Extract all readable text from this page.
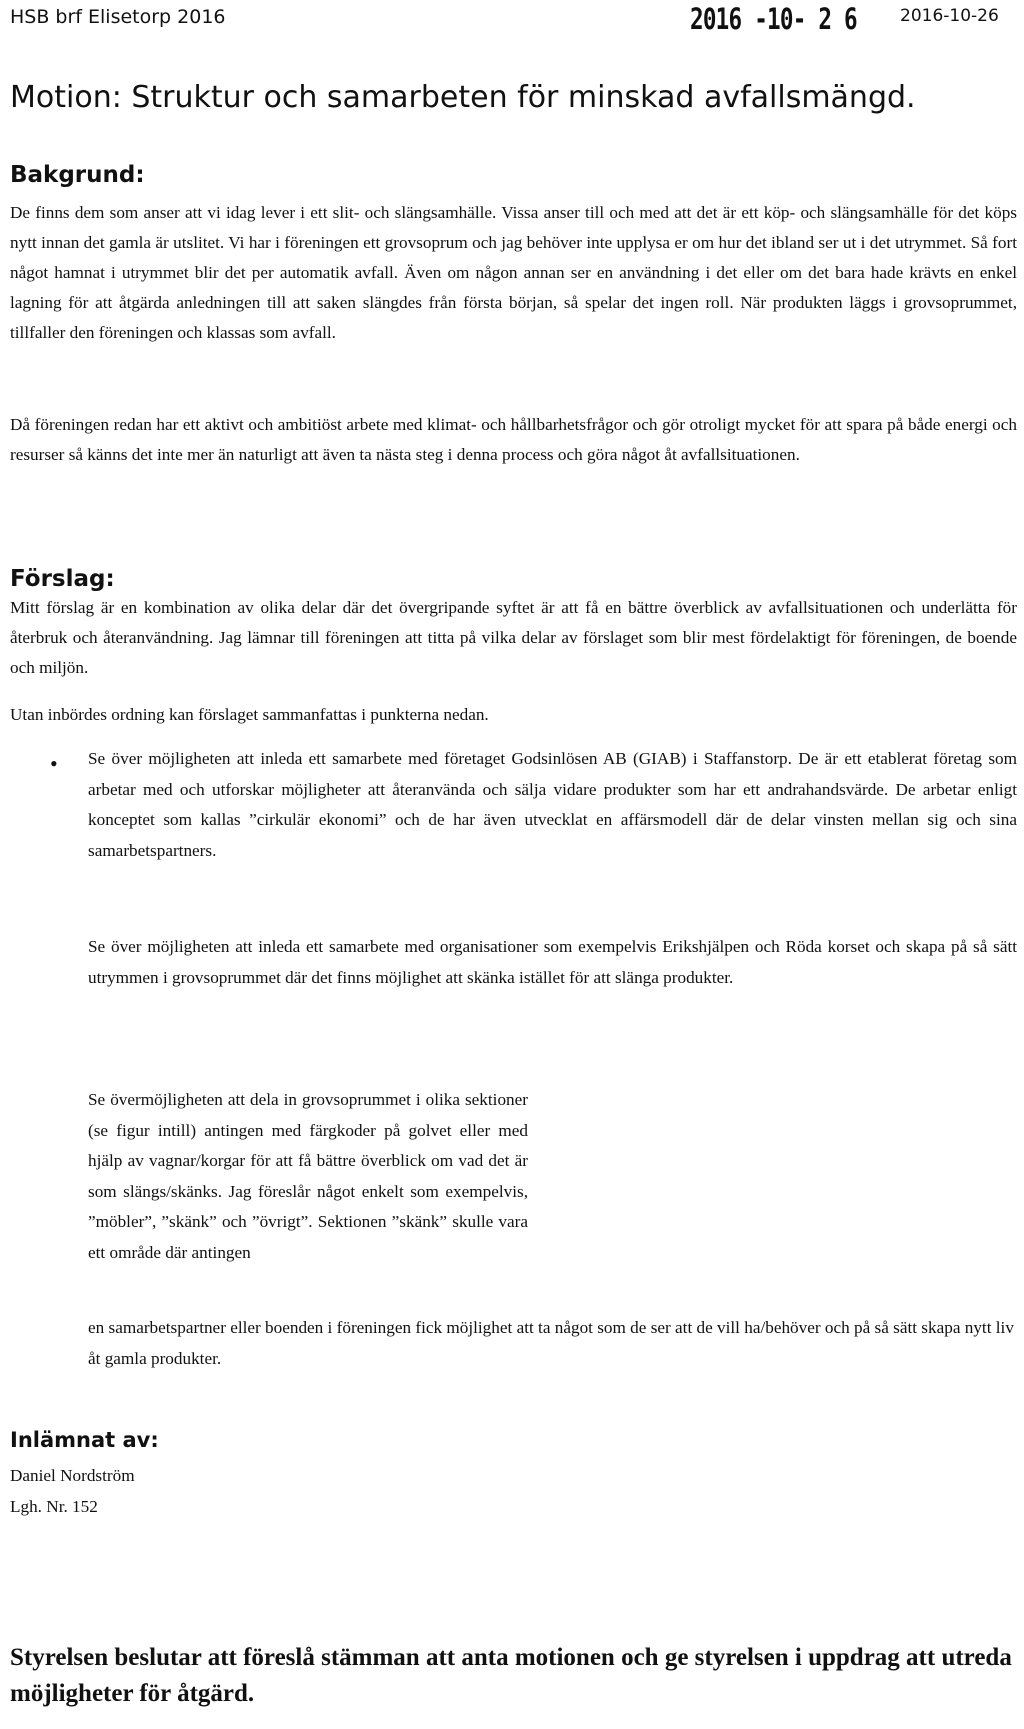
HSB brf Elisetorp 2016	2016 -10- 2 6	2016-10-26
Motion: Struktur och samarbeten för minskad avfallsmängd.
Bakgrund:
De finns dem som anser att vi idag lever i ett slit- och slängsamhälle. Vissa anser till och med att det är ett köp- och slängsamhälle för det köps nytt innan det gamla är utslitet. Vi har i föreningen ett grovsoprum och jag behöver inte upplysa er om hur det ibland ser ut i det utrymmet. Så fort något hamnat i utrymmet blir det per automatik avfall. Även om någon annan ser en användning i det eller om det bara hade krävts en enkel lagning för att åtgärda anledningen till att saken slängdes från första början, så spelar det ingen roll. När produkten läggs i grovsoprummet, tillfaller den föreningen och klassas som avfall.
Då föreningen redan har ett aktivt och ambitiöst arbete med klimat- och hållbarhetsfrågor och gör otroligt mycket för att spara på både energi och resurser så känns det inte mer än naturligt att även ta nästa steg i denna process och göra något åt avfallsituationen.
Förslag:
Mitt förslag är en kombination av olika delar där det övergripande syftet är att få en bättre överblick av avfallsituationen och underlätta för återbruk och återanvändning. Jag lämnar till föreningen att titta på vilka delar av förslaget som blir mest fördelaktigt för föreningen, de boende och miljön.
Utan inbördes ordning kan förslaget sammanfattas i punkterna nedan.
• Se över möjligheten att inleda ett samarbete med företaget Godsinlösen AB (GIAB) i Staffanstorp. De är ett etablerat företag som arbetar med och utforskar möjligheter att återanvända och sälja vidare produkter som har ett andrahandsvärde. De arbetar enligt konceptet som kallas ”cirkulär ekonomi” och de har även utvecklat en affärsmodell där de delar vinsten mellan sig och sina samarbetspartners.
Se över möjligheten att inleda ett samarbete med organisationer som exempelvis Erikshjälpen och Röda korset och skapa på så sätt utrymmen i grovsoprummet där det finns möjlighet att skänka istället för att slänga produkter.
Se övermöjligheten att dela in grovsoprummet i olika sektioner (se figur intill) antingen med färgkoder på golvet eller med hjälp av vagnar/korgar för att få bättre överblick om vad det är som slängs/skänks. Jag föreslår något enkelt som exempelvis, ”möbler”, ”skänk” och ”övrigt”. Sektionen ”skänk” skulle vara ett område där antingen
en samarbetspartner eller boenden i föreningen fick möjlighet att ta något som de ser att de vill ha/behöver och på så sätt skapa nytt liv åt gamla produkter.
Inlämnat av:
Daniel Nordström
Lgh. Nr. 152
Styrelsen beslutar att föreslå stämman att anta motionen och ge styrelsen i uppdrag att utreda möjligheter för åtgärd.
